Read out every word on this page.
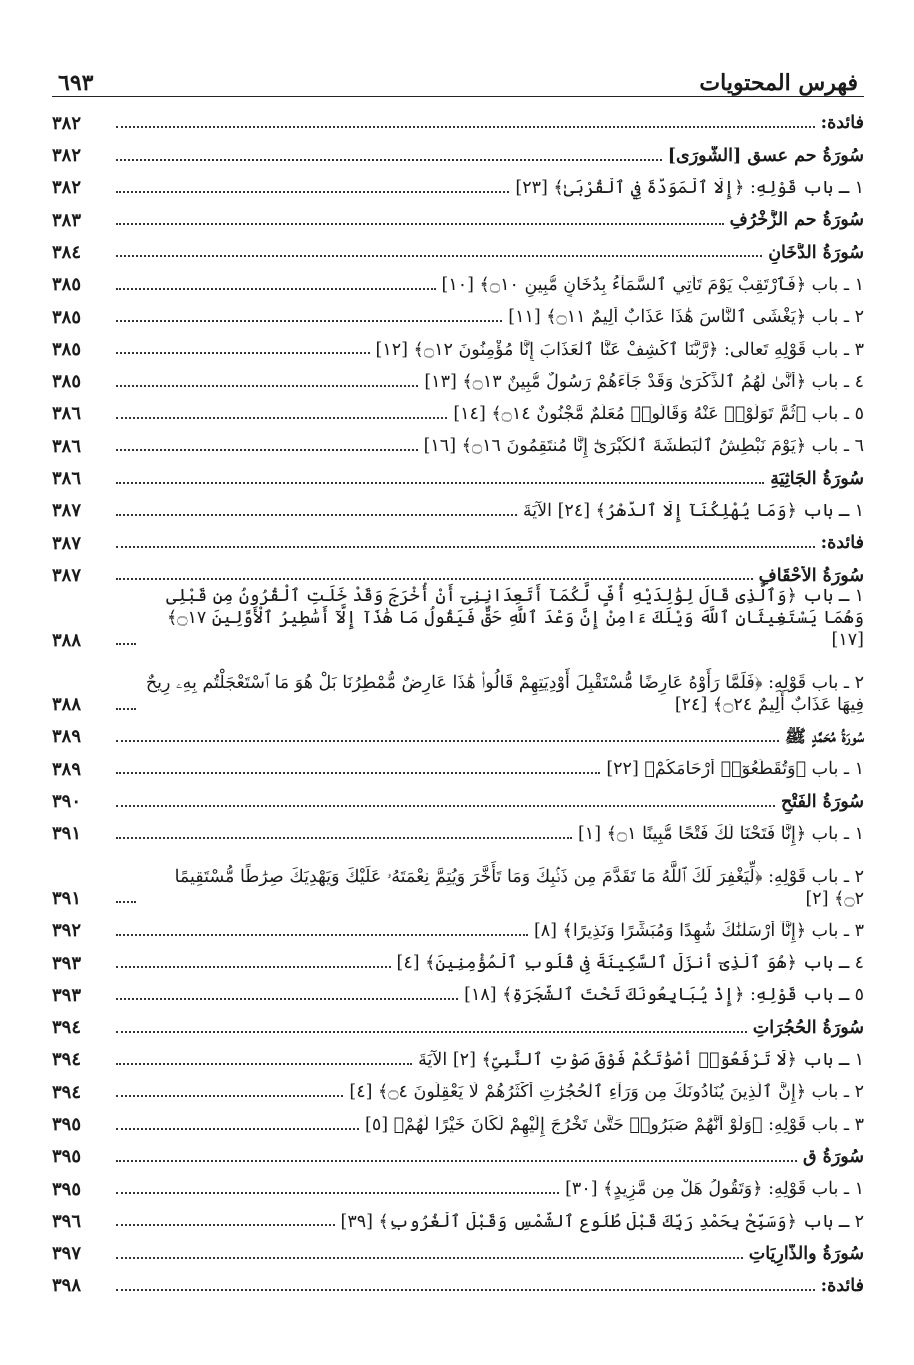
فهرس المحتويات
٦٩٣
فائدة:
٣٨٢
سُورَةُ حم عسق [الشُّورَى]
٣٨٢
١ ـ باب قَوْلِهِ: ﴿إِلَّا ٱلْمَوَدَّةَ فِي ٱلْقُرْبَىٰ﴾ [٢٣]
٣٨٢
سُورَةُ حم الزُّخْرُفِ
٣٨٣
سُورَةُ الدُّخَانِ
٣٨٤
١ ـ باب ﴿فَٱرْتَقِبْ يَوْمَ تَأْتِي ٱلسَّمَآءُ بِدُخَانٍ مُّبِينٍ ۝١٠﴾ [١٠]
٣٨٥
٢ ـ باب ﴿يَغْشَى ٱلنَّاسَ هَٰذَا عَذَابٌ أَلِيمٌ ۝١١﴾ [١١]
٣٨٥
٣ ـ باب قَوْلِهِ تَعالى: ﴿رَّبَّنَا ٱكْشِفْ عَنَّا ٱلْعَذَابَ إِنَّا مُؤْمِنُونَ ۝١٢﴾ [١٢]
٣٨٥
٤ ـ باب ﴿أَنَّىٰ لَهُمُ ٱلذِّكْرَىٰ وَقَدْ جَآءَهُمْ رَسُولٌ مُّبِينٌ ۝١٣﴾ [١٣]
٣٨٥
٥ ـ باب ﴿ثُمَّ تَوَلَّوْا۟ عَنْهُ وَقَالُوا۟ مُعَلَّمٌ مَّجْنُونٌ ۝١٤﴾ [١٤]
٣٨٦
٦ ـ باب ﴿يَوْمَ نَبْطِشُ ٱلْبَطْشَةَ ٱلْكُبْرَىٰٓ إِنَّا مُنتَقِمُونَ ۝١٦﴾ [١٦]
٣٨٦
سُورَةُ الجَاثِيَةِ
٣٨٦
١ ـ باب ﴿وَمَا يُهْلِكُنَآ إِلَّا ٱلدَّهْرُ﴾ [٢٤] الآيَةَ
٣٨٧
فائدة:
٣٨٧
سُورَةُ الأَحْقَافِ
٣٨٧
١ ـ باب ﴿وَٱلَّذِى قَالَ لِوَٰلِدَيْهِ أُفٍّ لَّكُمَآ أَتَعِدَانِنِىٓ أَنْ أُخْرَجَ وَقَدْ خَلَتِ ٱلْقُرُونُ مِن قَبْلِى وَهُمَا يَسْتَغِيثَانِ ٱللَّهَ وَيْلَكَ ءَامِنْ إِنَّ وَعْدَ ٱللَّهِ حَقٌّ فَيَقُولُ مَا هَٰذَآ إِلَّآ أَسَٰطِيرُ ٱلْأَوَّلِينَ ۝١٧﴾ [١٧]
٣٨٨
٢ ـ باب قَوْلِهِ: ﴿فَلَمَّا رَأَوْهُ عَارِضًا مُّسْتَقْبِلَ أَوْدِيَتِهِمْ قَالُوا۟ هَٰذَا عَارِضٌ مُّمْطِرُنَا بَلْ هُوَ مَا ٱسْتَعْجَلْتُم بِهِۦ رِيحٌ فِيهَا عَذَابٌ أَلِيمٌ ۝٢٤﴾ [٢٤]
٣٨٨
سُورَةُ مُحَمَّدٍ ﷺ
٣٨٩
١ ـ باب ﴿وَتُقَطِّعُوٓا۟ أَرْحَامَكُمْ﴾ [٢٢]
٣٨٩
سُورَةُ الفَتْحِ
٣٩٠
١ ـ باب ﴿إِنَّا فَتَحْنَا لَكَ فَتْحًا مُّبِينًا ۝١﴾ [١]
٣٩١
٢ ـ باب قَوْلِهِ: ﴿لِّيَغْفِرَ لَكَ ٱللَّهُ مَا تَقَدَّمَ مِن ذَنۢبِكَ وَمَا تَأَخَّرَ وَيُتِمَّ نِعْمَتَهُۥ عَلَيْكَ وَيَهْدِيَكَ صِرَٰطًا مُّسْتَقِيمًا ۝٢﴾ [٢]
٣٩١
٣ ـ باب ﴿إِنَّآ أَرْسَلْنَٰكَ شَٰهِدًا وَمُبَشِّرًا وَنَذِيرًا﴾ [٨]
٣٩٢
٤ ـ باب ﴿هُوَ ٱلَّذِىٓ أَنزَلَ ٱلسَّكِينَةَ فِى قُلُوبِ ٱلْمُؤْمِنِينَ﴾ [٤]
٣٩٣
٥ ـ باب قَوْلِهِ: ﴿إِذْ يُبَايِعُونَكَ تَحْتَ ٱلشَّجَرَةِ﴾ [١٨]
٣٩٣
سُورَةُ الحُجُرَاتِ
٣٩٤
١ ـ باب ﴿لَا تَرْفَعُوٓا۟ أَصْوَٰتَكُمْ فَوْقَ صَوْتِ ٱلنَّبِىِّ﴾ [٢] الآيَةَ
٣٩٤
٢ ـ باب ﴿إِنَّ ٱلَّذِينَ يُنَادُونَكَ مِن وَرَآءِ ٱلْحُجُرَٰتِ أَكْثَرُهُمْ لَا يَعْقِلُونَ ۝٤﴾ [٤]
٣٩٤
٣ ـ باب قَوْلِهِ: ﴿وَلَوْ أَنَّهُمْ صَبَرُوا۟ حَتَّىٰ تَخْرُجَ إِلَيْهِمْ لَكَانَ خَيْرًا لَّهُمْ﴾ [٥]
٣٩٥
سُورَةُ ق
٣٩٥
١ ـ باب قَوْلِهِ: ﴿وَتَقُولُ هَلْ مِن مَّزِيدٍ﴾ [٣٠]
٣٩٥
٢ ـ باب ﴿وَسَبِّحْ بِحَمْدِ رَبِّكَ قَبْلَ طُلُوعِ ٱلشَّمْسِ وَقَبْلَ ٱلْغُرُوبِ﴾ [٣٩]
٣٩٦
سُورَةُ والذَّارِيَاتِ
٣٩٧
فائدة:
٣٩٨
